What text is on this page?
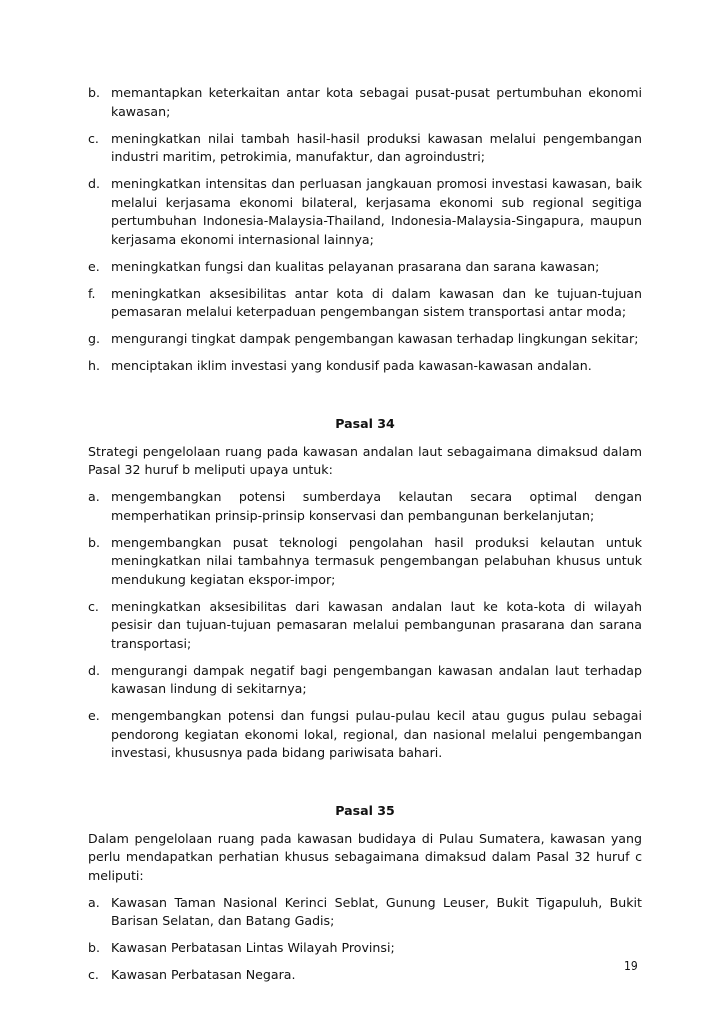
b. memantapkan keterkaitan antar kota sebagai pusat-pusat pertumbuhan ekonomi kawasan;
c. meningkatkan nilai tambah hasil-hasil produksi kawasan melalui pengembangan industri maritim, petrokimia, manufaktur, dan agroindustri;
d. meningkatkan intensitas dan perluasan jangkauan promosi investasi kawasan, baik melalui kerjasama ekonomi bilateral, kerjasama ekonomi sub regional segitiga pertumbuhan Indonesia-Malaysia-Thailand, Indonesia-Malaysia-Singapura, maupun kerjasama ekonomi internasional lainnya;
e. meningkatkan fungsi dan kualitas pelayanan prasarana dan sarana kawasan;
f.	meningkatkan aksesibilitas antar kota di dalam kawasan dan ke tujuan-tujuan pemasaran melalui keterpaduan pengembangan sistem transportasi antar moda;
g. mengurangi tingkat dampak pengembangan kawasan terhadap lingkungan sekitar;
h. menciptakan iklim investasi yang kondusif pada kawasan-kawasan andalan.
Pasal 34

Strategi pengelolaan ruang pada kawasan andalan laut sebagaimana dimaksud dalam Pasal 32 huruf b meliputi upaya untuk:

a. mengembangkan potensi sumberdaya kelautan secara optimal dengan memperhatikan prinsip-prinsip konservasi dan pembangunan berkelanjutan;
b. mengembangkan pusat teknologi pengolahan hasil produksi kelautan untuk meningkatkan nilai tambahnya termasuk pengembangan pelabuhan khusus untuk mendukung kegiatan ekspor-impor;
c. meningkatkan aksesibilitas dari kawasan andalan laut ke kota-kota di wilayah pesisir dan tujuan-tujuan pemasaran melalui pembangunan prasarana dan sarana transportasi;
d. mengurangi dampak negatif bagi pengembangan kawasan andalan laut terhadap kawasan lindung di sekitarnya;
e. mengembangkan potensi dan fungsi pulau-pulau kecil atau gugus pulau sebagai pendorong kegiatan ekonomi lokal, regional, dan nasional melalui pengembangan investasi, khususnya pada bidang pariwisata bahari.
Pasal 35

Dalam pengelolaan ruang pada kawasan budidaya di Pulau Sumatera, kawasan yang perlu mendapatkan perhatian khusus sebagaimana dimaksud dalam Pasal 32 huruf c meliputi:

a. Kawasan Taman Nasional Kerinci Seblat, Gunung Leuser, Bukit Tigapuluh, Bukit Barisan Selatan, dan Batang Gadis;
b. Kawasan Perbatasan Lintas Wilayah Provinsi;
c. Kawasan Perbatasan Negara.
19
